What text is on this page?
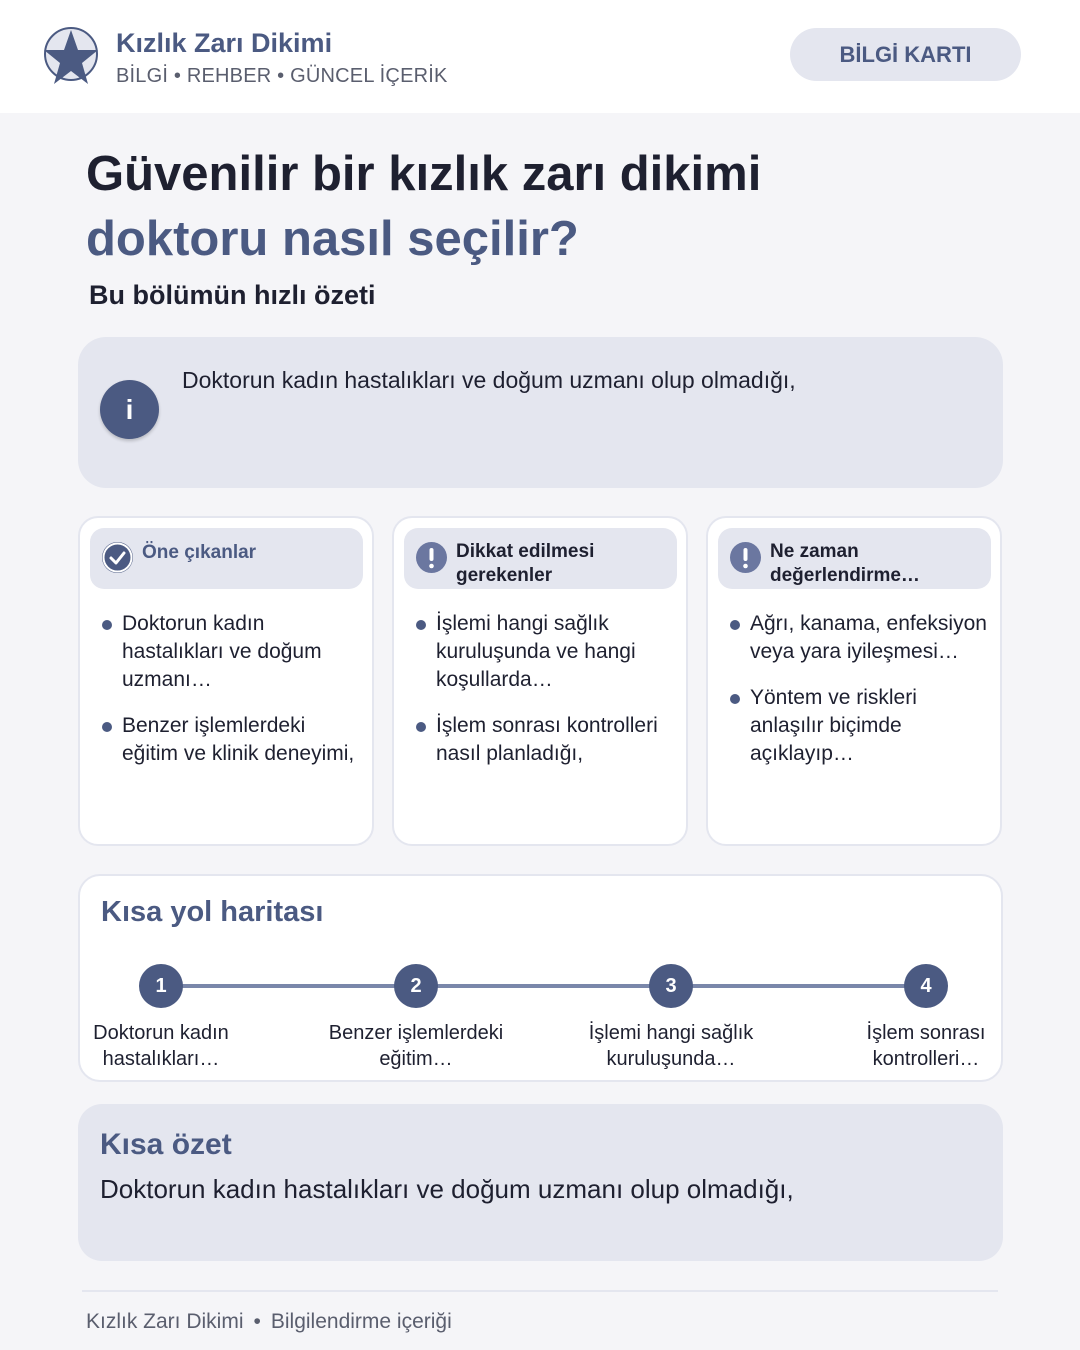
Kızlık Zarı Dikimi
BİLGİ • REHBER • GÜNCEL İÇERİK
BİLGİ KARTI
Güvenilir bir kızlık zarı dikimi
doktoru nasıl seçilir?
Bu bölümün hızlı özeti
i
Doktorun kadın hastalıkları ve doğum uzmanı olup olmadığı,
Öne çıkanlar
Doktorun kadın hastalıkları ve doğum uzmanı…
Benzer işlemlerdeki eğitim ve klinik deneyimi,
Dikkat edilmesi gerekenler
İşlemi hangi sağlık kuruluşunda ve hangi koşullarda…
İşlem sonrası kontrolleri nasıl planladığı,
Ne zaman değerlendirme…
Ağrı, kanama, enfeksiyon veya yara iyileşmesi…
Yöntem ve riskleri anlaşılır biçimde açıklayıp…
Kısa yol haritası
1	2	3	4
Doktorun kadın hastalıkları…
Benzer işlemlerdeki eğitim…
İşlemi hangi sağlık kuruluşunda…
İşlem sonrası kontrolleri…
Kısa özet
Doktorun kadın hastalıkları ve doğum uzmanı olup olmadığı,
Kızlık Zarı Dikimi • Bilgilendirme içeriği
